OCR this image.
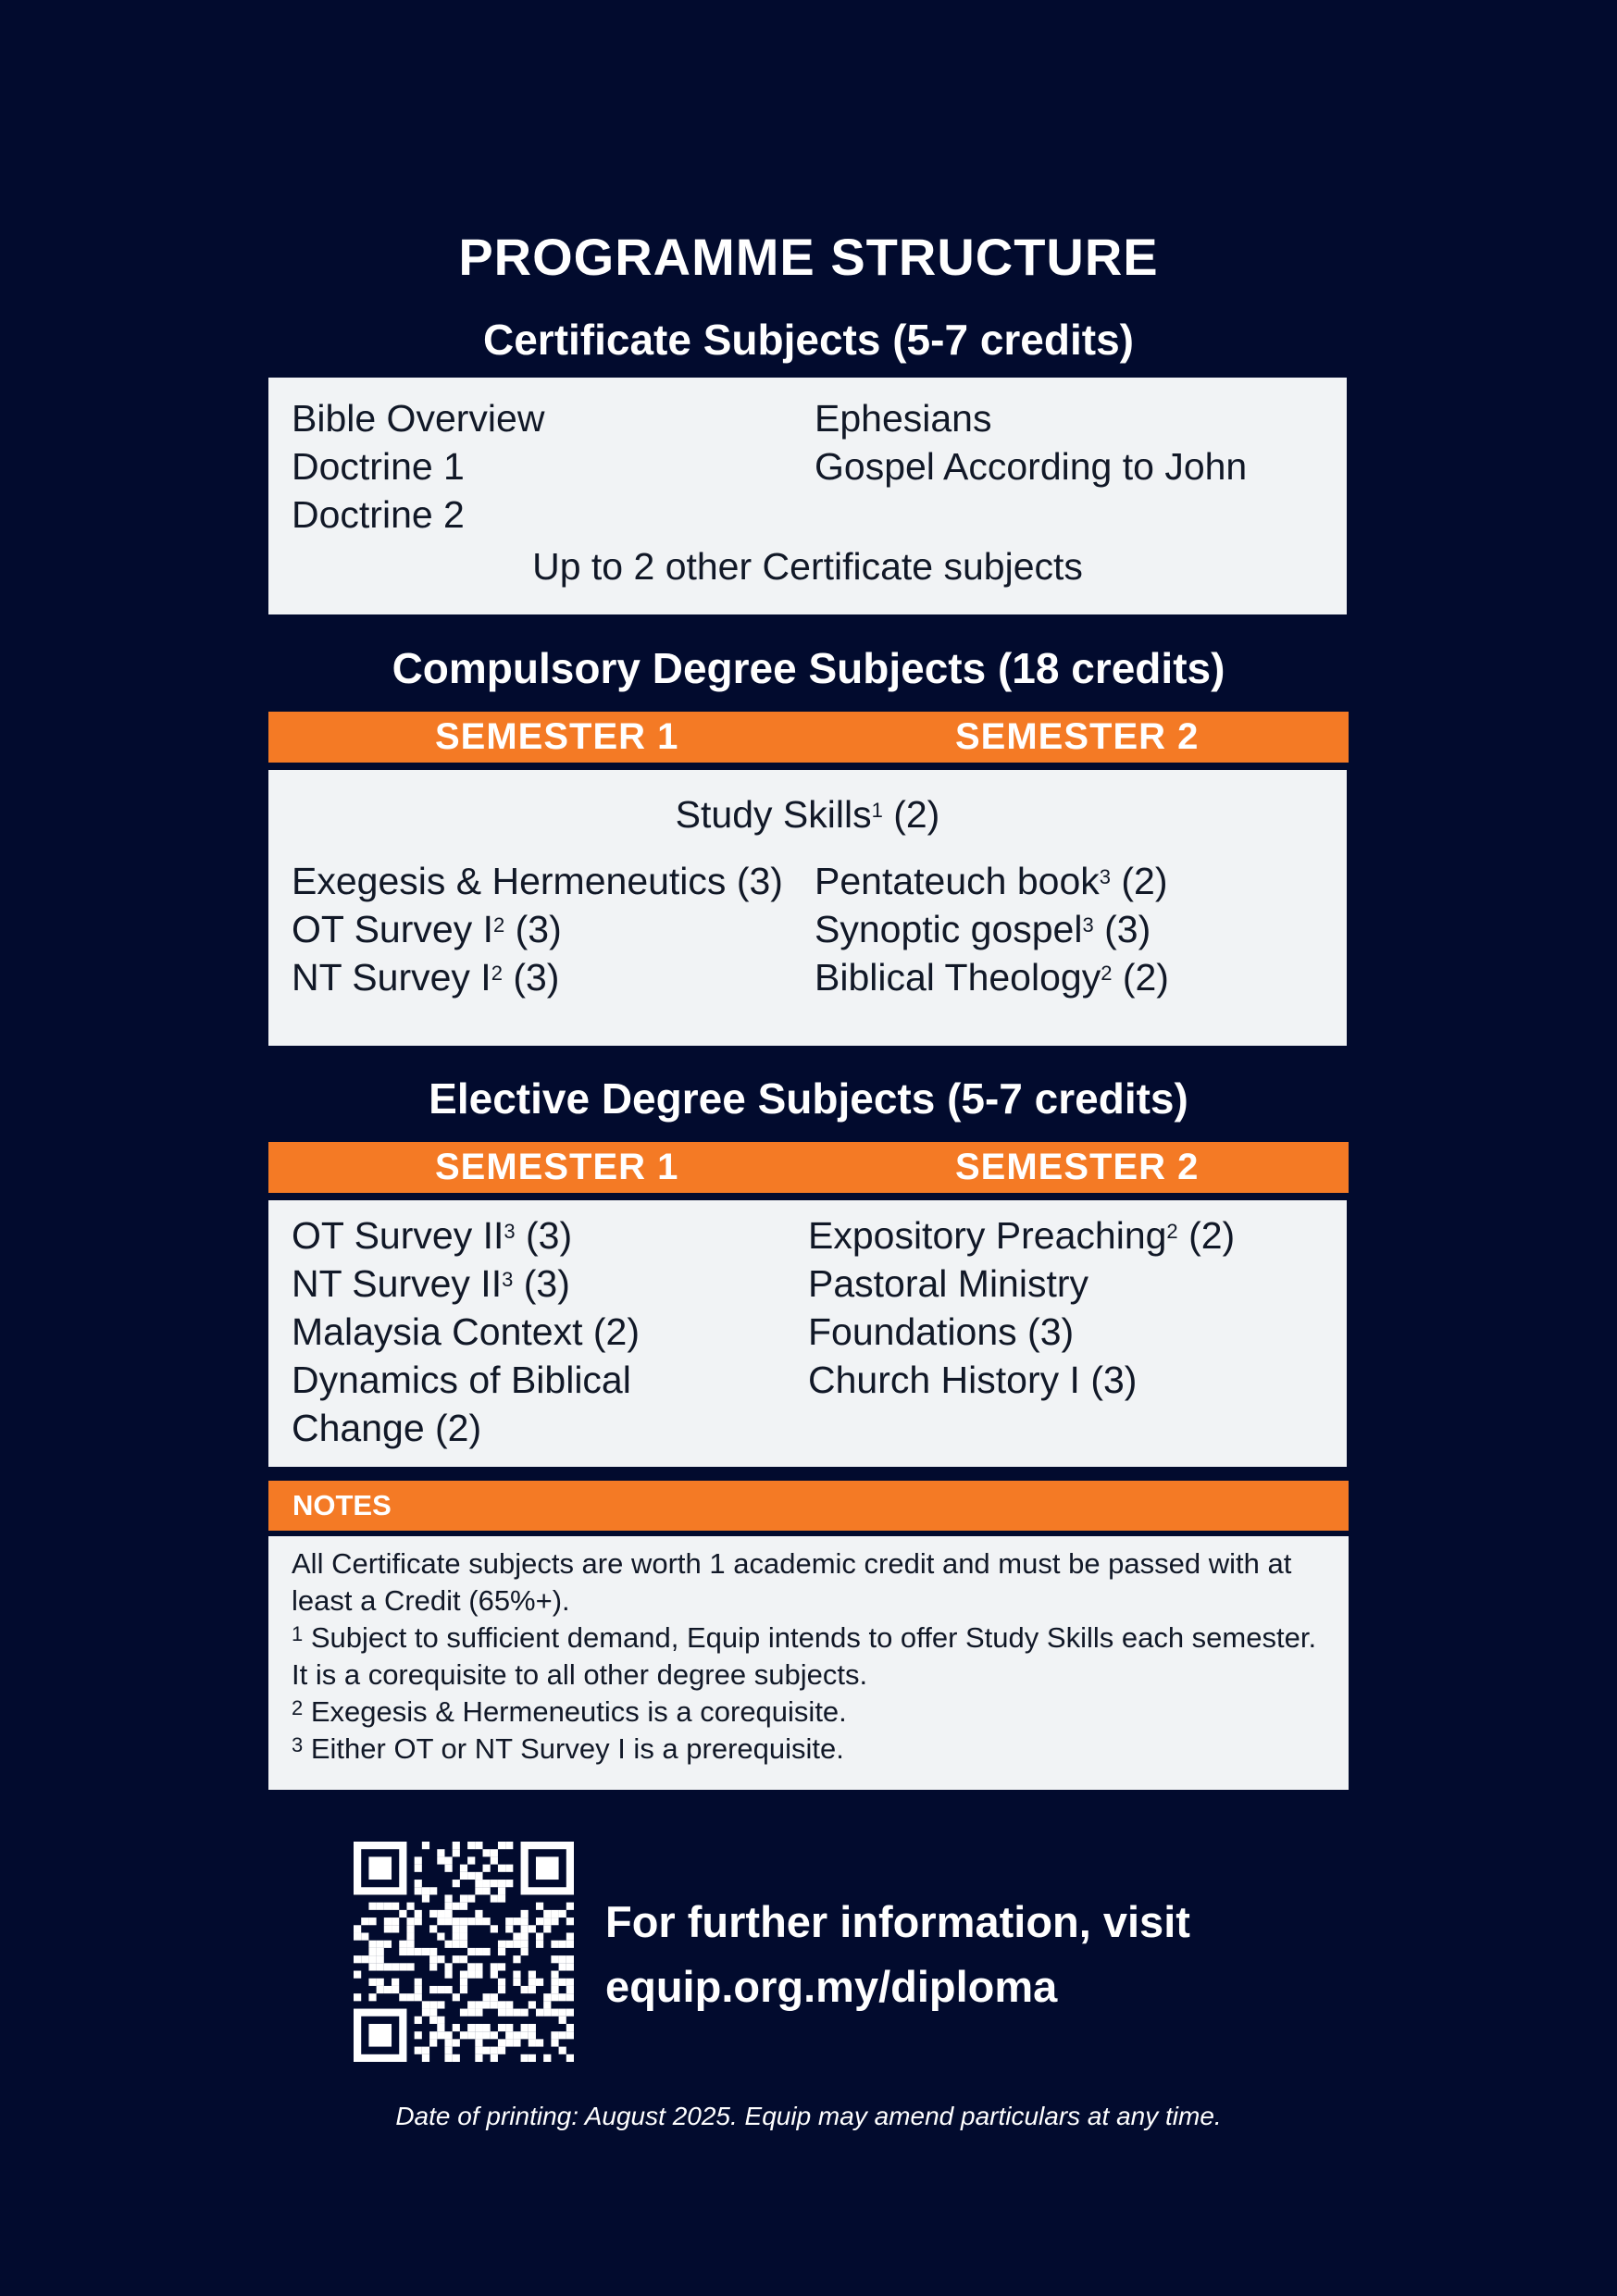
PROGRAMME STRUCTURE
Certificate Subjects (5-7 credits)
Bible Overview
Doctrine 1
Doctrine 2
Ephesians
Gospel According to John
Up to 2 other Certificate subjects
Compulsory Degree Subjects (18 credits)
SEMESTER 1	SEMESTER 2
Study Skills$^1$ (2)
Exegesis & Hermeneutics (3)
OT Survey $I^2$ (3)
NT Survey $I^2$ (3)
Pentateuch book$^3$ (2)
Synoptic gospel$^3$ (3)
Biblical Theology$^2$ (2)
Elective Degree Subjects (5-7 credits)
SEMESTER 1	SEMESTER 2
OT Survey $II^3$ (3)
NT Survey $II^3$ (3)
Malaysia Context (2)
Dynamics of Biblical
Change (2)
Expository Preaching$^2$ (2)
Pastoral Ministry
Foundations (3)
Church History I (3)
NOTES

All Certificate subjects are worth 1 academic credit and must be passed with at least a Credit (65%+).

$^1$ Subject to sufficient demand, Equip intends to offer Study Skills each semester. It is a corequisite to all other degree subjects.

$^2$ Exegesis & Hermeneutics is a corequisite.

$^3$ Either OT or NT Survey I is a prerequisite.

For further information, visit
equip.org.my/diploma
Date of printing: August 2025. Equip may amend particulars at any time.
